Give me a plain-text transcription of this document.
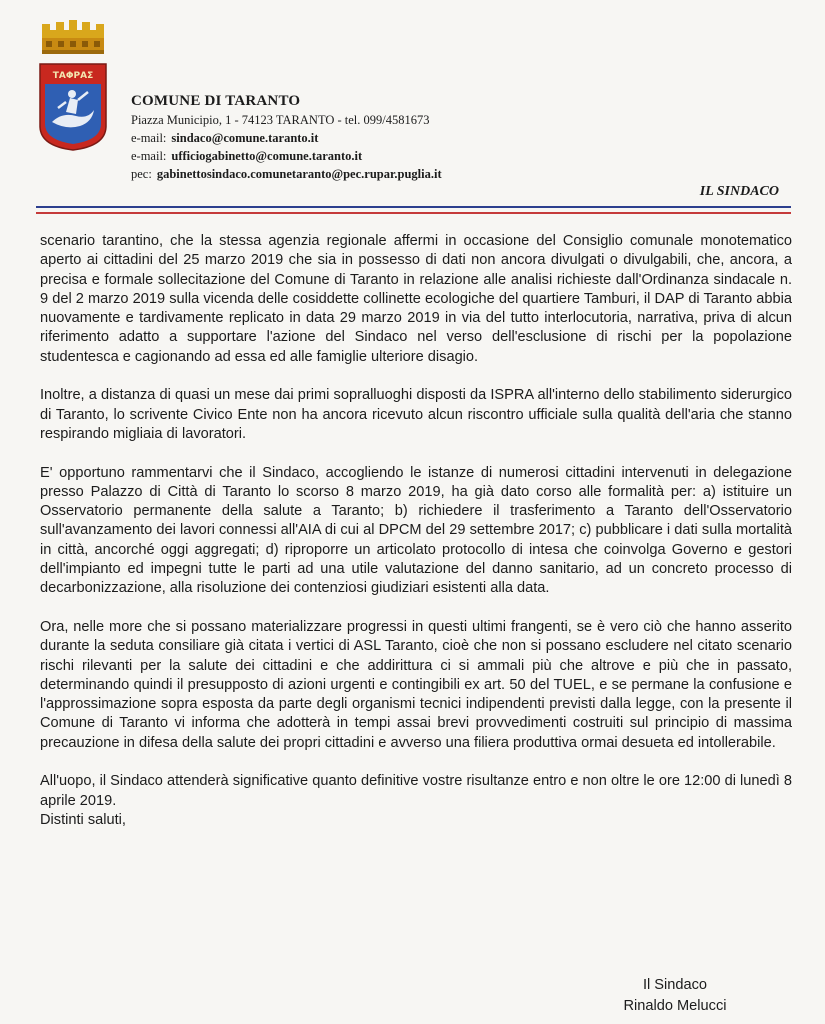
ΤΑΦΡΑΣ
COMUNE DI TARANTO
Piazza Municipio, 1 - 74123 TARANTO - tel. 099/4581673
e-mail: sindaco@comune.taranto.it
e-mail: ufficiogabinetto@comune.taranto.it
pec: gabinettosindaco.comunetaranto@pec.rupar.puglia.it
IL SINDACO

scenario tarantino, che la stessa agenzia regionale affermi in occasione del Consiglio comunale monotematico aperto ai cittadini del 25 marzo 2019 che sia in possesso di dati non ancora divulgati o divulgabili, che, ancora, a precisa e formale sollecitazione del Comune di Taranto in relazione alle analisi richieste dall'Ordinanza sindacale n. 9 del 2 marzo 2019 sulla vicenda delle cosiddette collinette ecologiche del quartiere Tamburi, il DAP di Taranto abbia nuovamente e tardivamente replicato in data 29 marzo 2019 in via del tutto interlocutoria, narrativa, priva di alcun riferimento adatto a supportare l'azione del Sindaco nel verso dell'esclusione di rischi per la popolazione studentesca e cagionando ad essa ed alle famiglie ulteriore disagio.

Inoltre, a distanza di quasi un mese dai primi sopralluoghi disposti da ISPRA all'interno dello stabilimento siderurgico di Taranto, lo scrivente Civico Ente non ha ancora ricevuto alcun riscontro ufficiale sulla qualità dell'aria che stanno respirando migliaia di lavoratori.

E' opportuno rammentarvi che il Sindaco, accogliendo le istanze di numerosi cittadini intervenuti in delegazione presso Palazzo di Città di Taranto lo scorso 8 marzo 2019, ha già dato corso alle formalità per: a) istituire un Osservatorio permanente della salute a Taranto; b) richiedere il trasferimento a Taranto dell'Osservatorio sull'avanzamento dei lavori connessi all'AIA di cui al DPCM del 29 settembre 2017; c) pubblicare i dati sulla mortalità in città, ancorché oggi aggregati; d) riproporre un articolato protocollo di intesa che coinvolga Governo e gestori dell'impianto ed impegni tutte le parti ad una utile valutazione del danno sanitario, ad un concreto processo di decarbonizzazione, alla risoluzione dei contenziosi giudiziari esistenti alla data.

Ora, nelle more che si possano materializzare progressi in questi ultimi frangenti, se è vero ciò che hanno asserito durante la seduta consiliare già citata i vertici di ASL Taranto, cioè che non si possano escludere nel citato scenario rischi rilevanti per la salute dei cittadini e che addirittura ci si ammali più che altrove e più che in passato, determinando quindi il presupposto di azioni urgenti e contingibili ex art. 50 del TUEL, e se permane la confusione e l'approssimazione sopra esposta da parte degli organismi tecnici indipendenti previsti dalla legge, con la presente il Comune di Taranto vi informa che adotterà in tempi assai brevi provvedimenti costruiti sul principio di massima precauzione in difesa della salute dei propri cittadini e avverso una filiera produttiva ormai desueta ed intollerabile.

All'uopo, il Sindaco attenderà significative quanto definitive vostre risultanze entro e non oltre le ore 12:00 di lunedì 8 aprile 2019.

Distinti saluti,
Il Sindaco
Rinaldo Melucci
